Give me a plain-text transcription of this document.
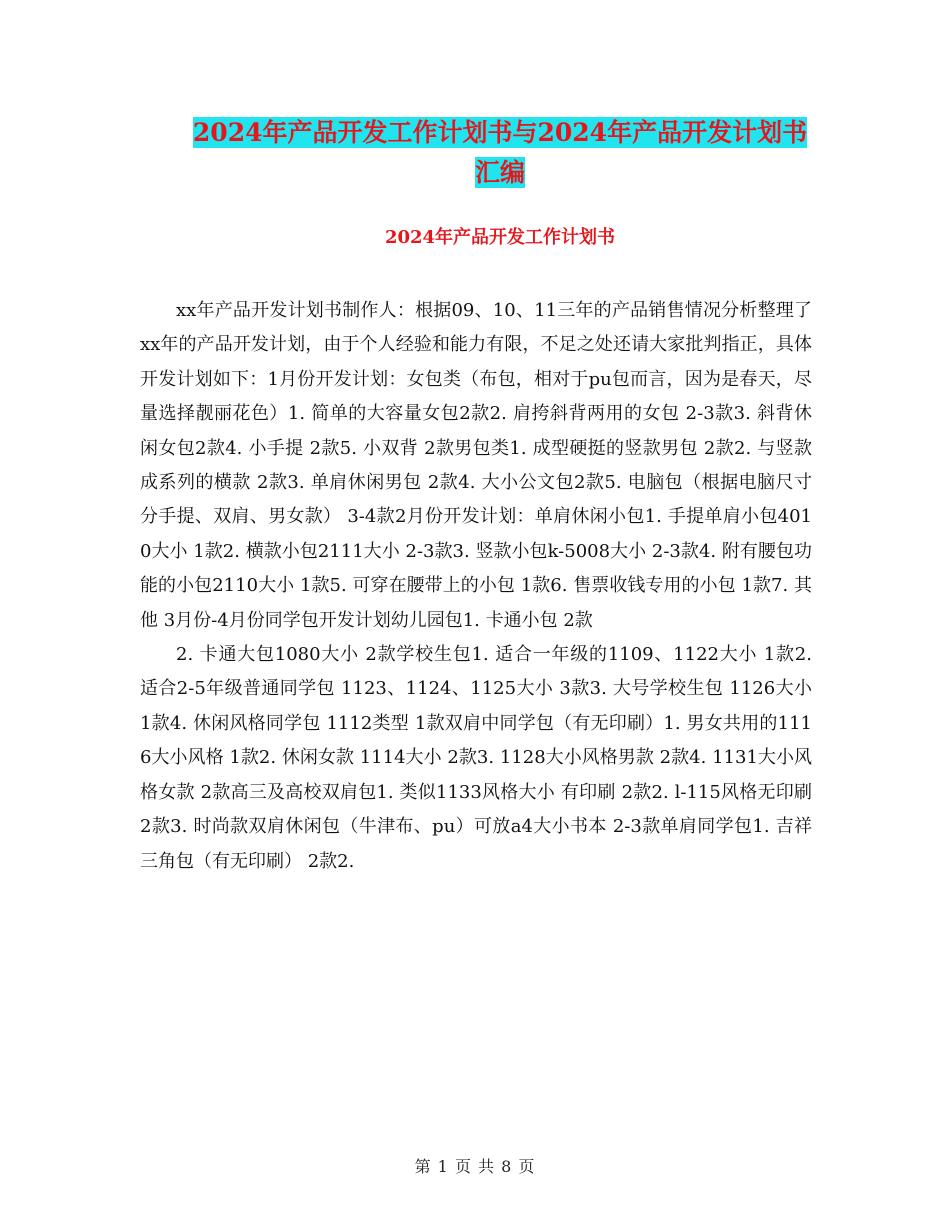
2024年产品开发工作计划书与2024年产品开发计划书
汇编
2024年产品开发工作计划书

xx年产品开发计划书制作人：根据09、10、11三年的产品销售情况分析整理了xx年的产品开发计划，由于个人经验和能力有限，不足之处还请大家批判指正，具体开发计划如下：1月份开发计划：女包类（布包，相对于pu包而言，因为是春天，尽量选择靓丽花色）1. 简单的大容量女包2款2. 肩挎斜背两用的女包 2-3款3. 斜背休闲女包2款4. 小手提 2款5. 小双背 2款男包类1. 成型硬挺的竖款男包 2款2. 与竖款成系列的横款 2款3. 单肩休闲男包 2款4. 大小公文包2款5. 电脑包（根据电脑尺寸分手提、双肩、男女款） 3-4款2月份开发计划：单肩休闲小包1. 手提单肩小包4010大小 1款2. 横款小包2111大小 2-3款3. 竖款小包k-5008大小 2-3款4. 附有腰包功能的小包2110大小 1款5. 可穿在腰带上的小包 1款6. 售票收钱专用的小包 1款7. 其他 3月份-4月份同学包开发计划幼儿园包1. 卡通小包 2款

2. 卡通大包1080大小 2款学校生包1. 适合一年级的1109、1122大小 1款2. 适合2-5年级普通同学包 1123、1124、1125大小 3款3. 大号学校生包 1126大小 1款4. 休闲风格同学包 1112类型 1款双肩中同学包（有无印刷）1. 男女共用的1116大小风格 1款2. 休闲女款 1114大小 2款3. 1128大小风格男款 2款4. 1131大小风格女款 2款高三及高校双肩包1. 类似1133风格大小 有印刷 2款2. l-115风格无印刷 2款3. 时尚款双肩休闲包（牛津布、pu）可放a4大小书本 2-3款单肩同学包1. 吉祥三角包（有无印刷） 2款2.

第 1 页 共 8 页
